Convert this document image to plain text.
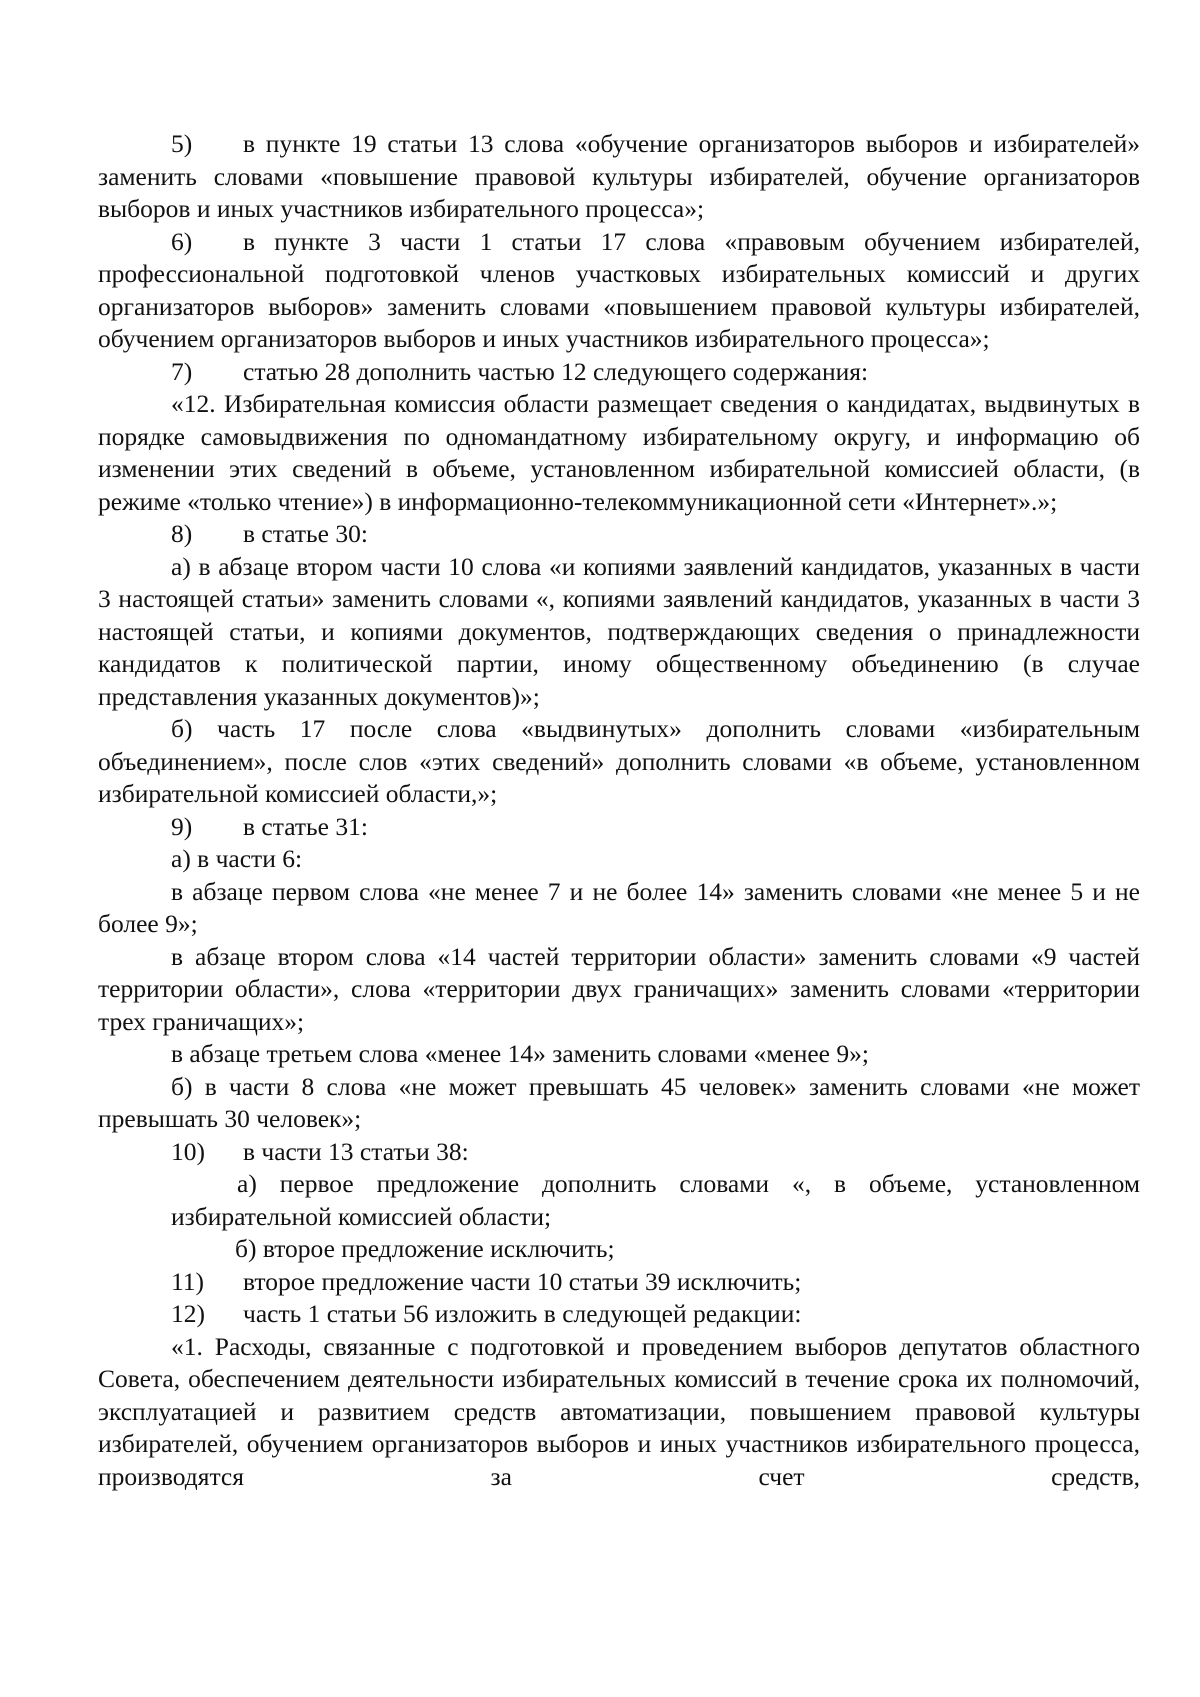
5) в пункте 19 статьи 13 слова «обучение организаторов выборов и избирателей» заменить словами «повышение правовой культуры избирателей, обучение организаторов выборов и иных участников избирательного процесса»;

6) в пункте 3 части 1 статьи 17 слова «правовым обучением избирателей, профессиональной подготовкой членов участковых избирательных комиссий и других организаторов выборов» заменить словами «повышением правовой культуры избирателей, обучением организаторов выборов и иных участников избирательного процесса»;

7) статью 28 дополнить частью 12 следующего содержания:

«12. Избирательная комиссия области размещает сведения о кандидатах, выдвинутых в порядке самовыдвижения по одномандатному избирательному округу, и информацию об изменении этих сведений в объеме, установленном избирательной комиссией области, (в режиме «только чтение») в информационно-телекоммуникационной сети «Интернет».»;

8) в статье 30:

а) в абзаце втором части 10 слова «и копиями заявлений кандидатов, указанных в части 3 настоящей статьи» заменить словами «, копиями заявлений кандидатов, указанных в части 3 настоящей статьи, и копиями документов, подтверждающих сведения о принадлежности кандидатов к политической партии, иному общественному объединению (в случае представления указанных документов)»;

б) часть 17 после слова «выдвинутых» дополнить словами «избирательным объединением», после слов «этих сведений» дополнить словами «в объеме, установленном избирательной комиссией области,»;

9) в статье 31:

а) в части 6:

в абзаце первом слова «не менее 7 и не более 14» заменить словами «не менее 5 и не более 9»;

в абзаце втором слова «14 частей территории области» заменить словами «9 частей территории области», слова «территории двух граничащих» заменить словами «территории трех граничащих»;

в абзаце третьем слова «менее 14» заменить словами «менее 9»;

б) в части 8 слова «не может превышать 45 человек» заменить словами «не может превышать 30 человек»;

10) в части 13 статьи 38:

а) первое предложение дополнить словами «, в объеме, установленном избирательной комиссией области;

б) второе предложение исключить;

11) второе предложение части 10 статьи 39 исключить;

12) часть 1 статьи 56 изложить в следующей редакции:

«1. Расходы, связанные с подготовкой и проведением выборов депутатов областного Совета, обеспечением деятельности избирательных комиссий в течение срока их полномочий, эксплуатацией и развитием средств автоматизации, повышением правовой культуры избирателей, обучением организаторов выборов и иных участников избирательного процесса, производятся за счет средств,
